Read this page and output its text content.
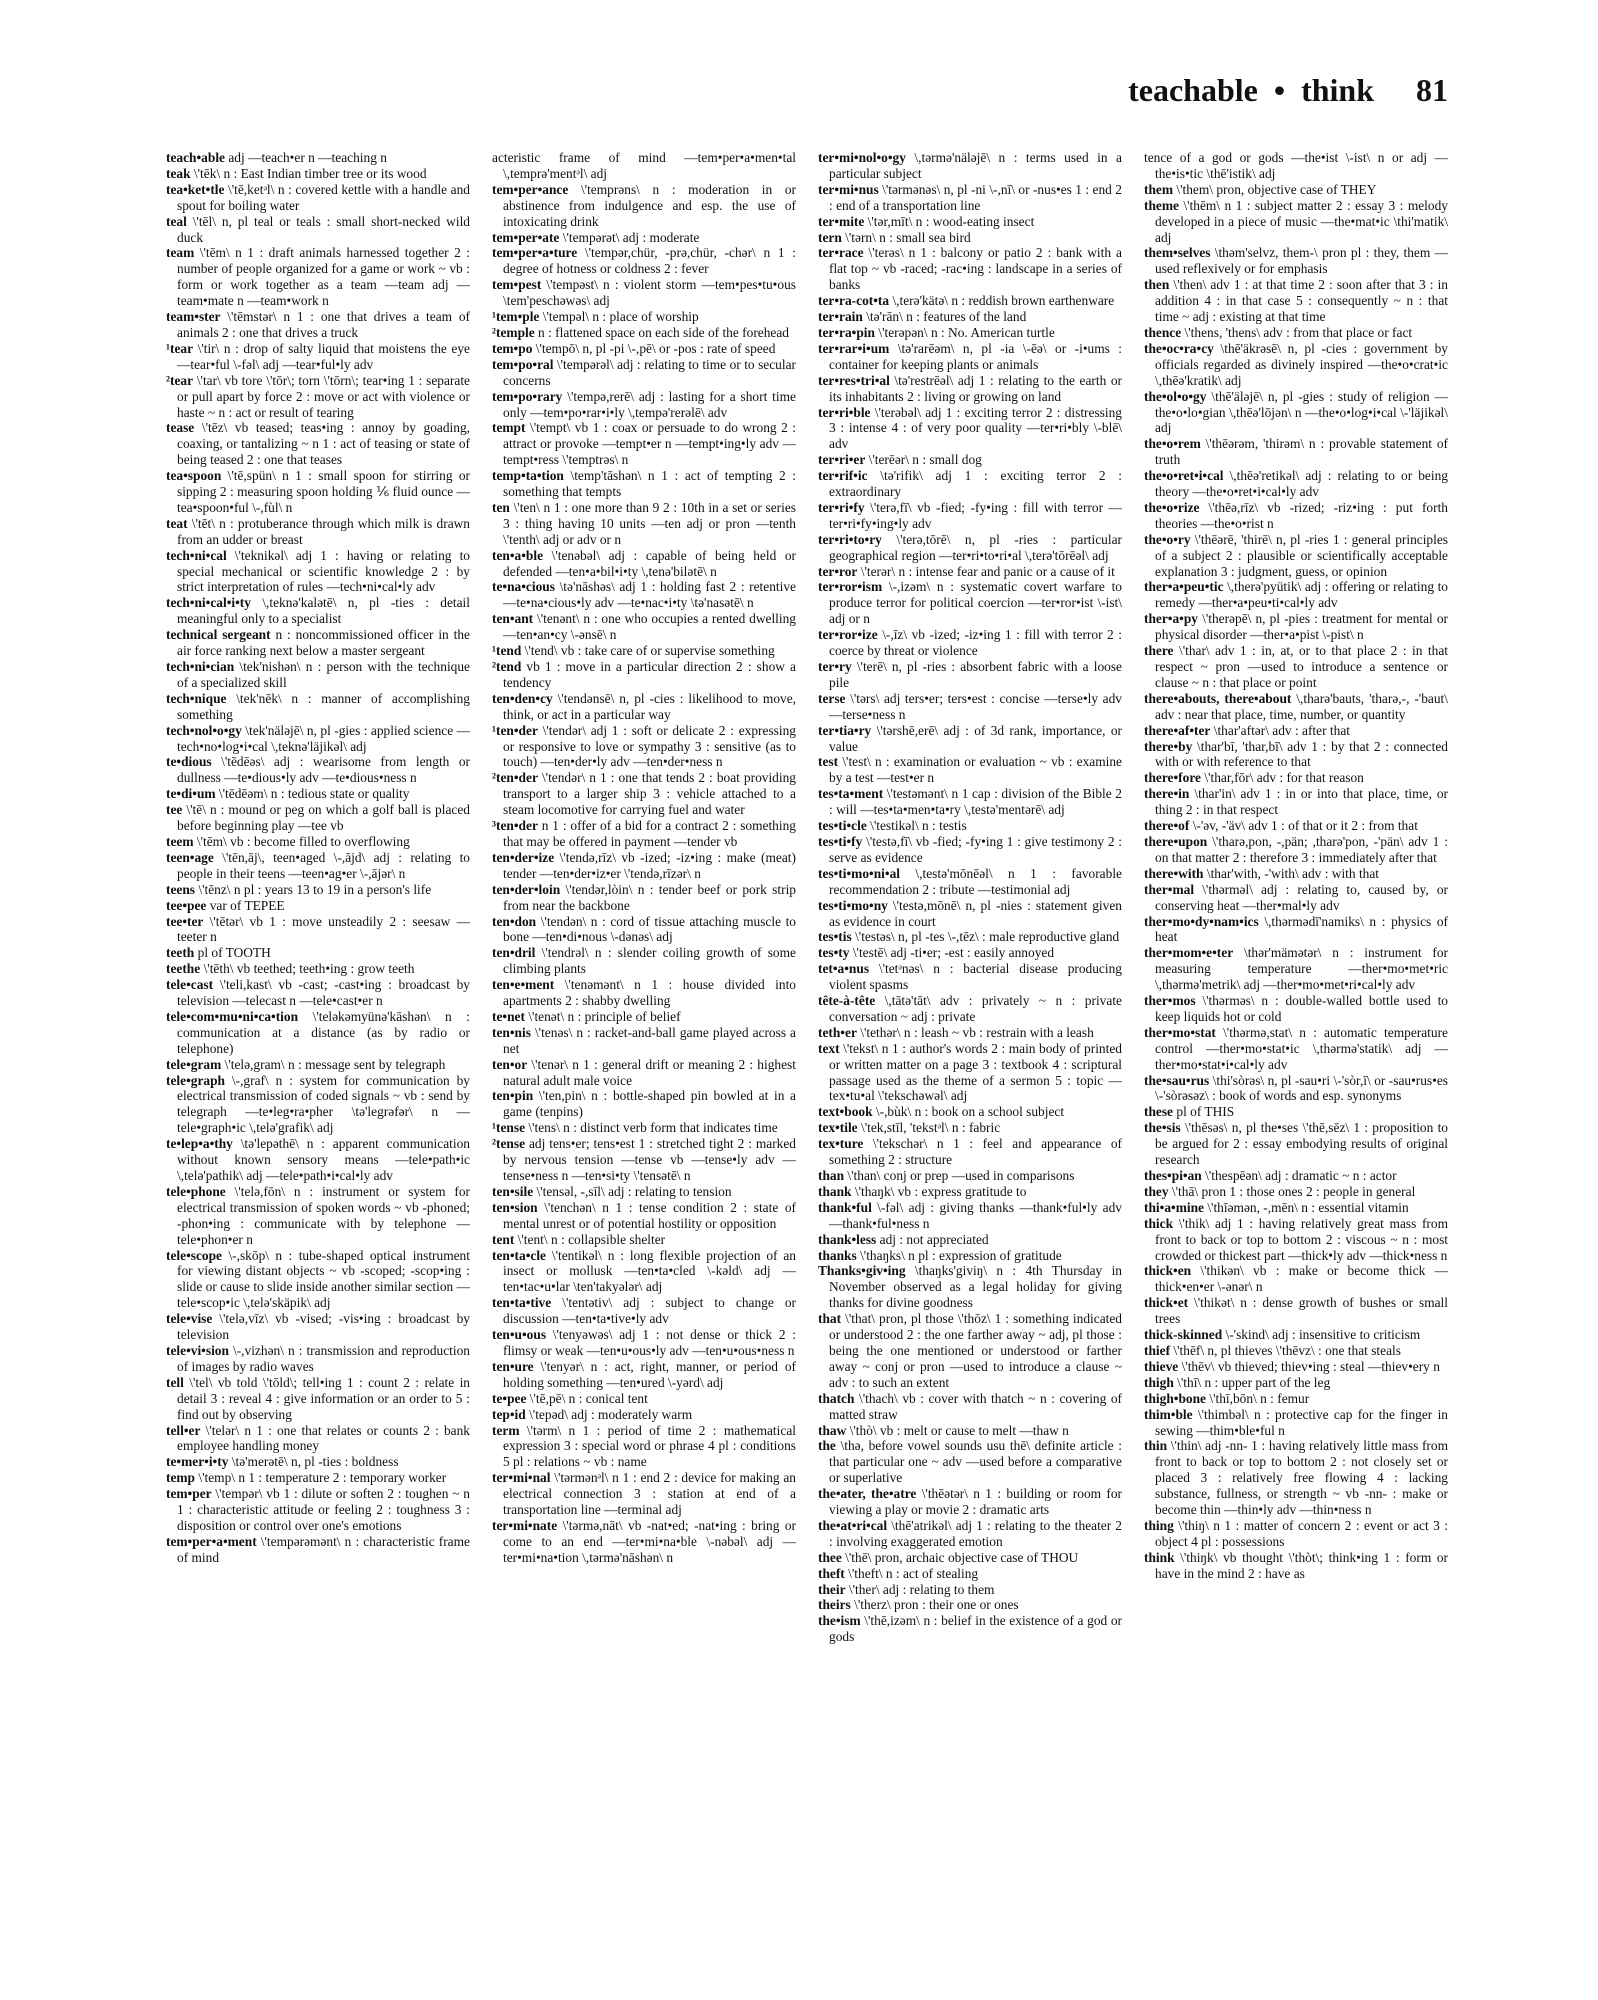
teachable • think 81

teach•able adj —teach•er n —teaching n

teak \'tēk\ n : East Indian timber tree or its wood

tea•ket•tle \'tē,ketᵊl\ n : covered kettle with a handle and spout for boiling water

teal \'tēl\ n, pl teal or teals : small short-necked wild duck

team \'tēm\ n 1 : draft animals harnessed together 2 : number of people organized for a game or work ~ vb : form or work together as a team —team adj —team•mate n —team•work n

team•ster \'tēmstər\ n 1 : one that drives a team of animals 2 : one that drives a truck

¹tear \'tir\ n : drop of salty liquid that moistens the eye —tear•ful \-fəl\ adj —tear•ful•ly adv

²tear \'tar\ vb tore \'tōr\; torn \'tōrn\; tear•ing 1 : separate or pull apart by force 2 : move or act with violence or haste ~ n : act or result of tearing

tease \'tēz\ vb teased; teas•ing : annoy by goading, coaxing, or tantalizing ~ n 1 : act of teasing or state of being teased 2 : one that teases

tea•spoon \'tē,spün\ n 1 : small spoon for stirring or sipping 2 : measuring spoon holding ⅙ fluid ounce —tea•spoon•ful \-,fùl\ n

teat \'tēt\ n : protuberance through which milk is drawn from an udder or breast

tech•ni•cal \'teknikəl\ adj 1 : having or relating to special mechanical or scientific knowledge 2 : by strict interpretation of rules —tech•ni•cal•ly adv

tech•ni•cal•i•ty \,teknə'kalətē\ n, pl -ties : detail meaningful only to a specialist

technical sergeant n : noncommissioned officer in the air force ranking next below a master sergeant

tech•ni•cian \tek'nishən\ n : person with the technique of a specialized skill

tech•nique \tek'nēk\ n : manner of accomplishing something

tech•nol•o•gy \tek'näləjē\ n, pl -gies : applied science —tech•no•log•i•cal \,teknə'läjikəl\ adj

te•dious \'tēdēəs\ adj : wearisome from length or dullness —te•dious•ly adv —te•dious•ness n

te•di•um \'tēdēəm\ n : tedious state or quality

tee \'tē\ n : mound or peg on which a golf ball is placed before beginning play —tee vb

teem \'tēm\ vb : become filled to overflowing

teen•age \'tēn,āj\, teen•aged \-,ājd\ adj : relating to people in their teens —teen•ag•er \-,ājər\ n

teens \'tēnz\ n pl : years 13 to 19 in a person's life

tee•pee var of TEPEE

tee•ter \'tētər\ vb 1 : move unsteadily 2 : seesaw —teeter n

teeth pl of TOOTH

teethe \'tēth\ vb teethed; teeth•ing : grow teeth

tele•cast \'teli,kast\ vb -cast; -cast•ing : broadcast by television —telecast n —tele•cast•er n

tele•com•mu•ni•ca•tion \'teləkəmyünə'kāshən\ n : communication at a distance (as by radio or telephone)

tele•gram \'telə,gram\ n : message sent by telegraph

tele•graph \-,graf\ n : system for communication by electrical transmission of coded signals ~ vb : send by telegraph —te•leg•ra•pher \tə'legrəfər\ n —tele•graph•ic \,telə'grafik\ adj

te•lep•a•thy \tə'lepəthē\ n : apparent communication without known sensory means —tele•path•ic \,telə'pathik\ adj —tele•path•i•cal•ly adv

tele•phone \'telə,fōn\ n : instrument or system for electrical transmission of spoken words ~ vb -phoned; -phon•ing : communicate with by telephone —tele•phon•er n

tele•scope \-,skōp\ n : tube-shaped optical instrument for viewing distant objects ~ vb -scoped; -scop•ing : slide or cause to slide inside another similar section —tele•scop•ic \,telə'skäpik\ adj

tele•vise \'telə,vīz\ vb -vised; -vis•ing : broadcast by television

tele•vi•sion \-,vizhən\ n : transmission and reproduction of images by radio waves

tell \'tel\ vb told \'tōld\; tell•ing 1 : count 2 : relate in detail 3 : reveal 4 : give information or an order to 5 : find out by observing

tell•er \'telər\ n 1 : one that relates or counts 2 : bank employee handling money

te•mer•i•ty \tə'merətē\ n, pl -ties : boldness

temp \'temp\ n 1 : temperature 2 : temporary worker

tem•per \'tempər\ vb 1 : dilute or soften 2 : toughen ~ n 1 : characteristic attitude or feeling 2 : toughness 3 : disposition or control over one's emotions

tem•per•a•ment \'tempərəmənt\ n : characteristic frame of mind

acteristic frame of mind —tem•per•a•men•tal \,temprə'mentᵊl\ adj

tem•per•ance \'temprəns\ n : moderation in or abstinence from indulgence and esp. the use of intoxicating drink

tem•per•ate \'tempərət\ adj : moderate

tem•per•a•ture \'tempər,chür, -prə,chür, -chər\ n 1 : degree of hotness or coldness 2 : fever

tem•pest \'tempəst\ n : violent storm —tem•pes•tu•ous \tem'peschəwəs\ adj

¹tem•ple \'tempəl\ n : place of worship

²temple n : flattened space on each side of the forehead

tem•po \'tempō\ n, pl -pi \-,pē\ or -pos : rate of speed

tem•po•ral \'tempərəl\ adj : relating to time or to secular concerns

tem•po•rary \'tempə,rerē\ adj : lasting for a short time only —tem•po•rar•i•ly \,tempə'rerəlē\ adv

tempt \'tempt\ vb 1 : coax or persuade to do wrong 2 : attract or provoke —tempt•er n —tempt•ing•ly adv —tempt•ress \'temptrəs\ n

temp•ta•tion \temp'tāshən\ n 1 : act of tempting 2 : something that tempts

ten \'ten\ n 1 : one more than 9 2 : 10th in a set or series 3 : thing having 10 units —ten adj or pron —tenth \'tenth\ adj or adv or n

ten•a•ble \'tenəbəl\ adj : capable of being held or defended —ten•a•bil•i•ty \,tenə'bilətē\ n

te•na•cious \tə'nāshəs\ adj 1 : holding fast 2 : retentive —te•na•cious•ly adv —te•nac•i•ty \tə'nasətē\ n

ten•ant \'tenənt\ n : one who occupies a rented dwelling —ten•an•cy \-ənsē\ n

¹tend \'tend\ vb : take care of or supervise something

²tend vb 1 : move in a particular direction 2 : show a tendency

ten•den•cy \'tendənsē\ n, pl -cies : likelihood to move, think, or act in a particular way

¹ten•der \'tendər\ adj 1 : soft or delicate 2 : expressing or responsive to love or sympathy 3 : sensitive (as to touch) —ten•der•ly adv —ten•der•ness n

²ten•der \'tendər\ n 1 : one that tends 2 : boat providing transport to a larger ship 3 : vehicle attached to a steam locomotive for carrying fuel and water

³ten•der n 1 : offer of a bid for a contract 2 : something that may be offered in payment —tender vb

ten•der•ize \'tendə,rīz\ vb -ized; -iz•ing : make (meat) tender —ten•der•iz•er \'tendə,rīzər\ n

ten•der•loin \'tendər,lòin\ n : tender beef or pork strip from near the backbone

ten•don \'tendən\ n : cord of tissue attaching muscle to bone —ten•di•nous \-dənəs\ adj

ten•dril \'tendrəl\ n : slender coiling growth of some climbing plants

ten•e•ment \'tenəmənt\ n 1 : house divided into apartments 2 : shabby dwelling

te•net \'tenət\ n : principle of belief

ten•nis \'tenəs\ n : racket-and-ball game played across a net

ten•or \'tenər\ n 1 : general drift or meaning 2 : highest natural adult male voice

ten•pin \'ten,pin\ n : bottle-shaped pin bowled at in a game (tenpins)

¹tense \'tens\ n : distinct verb form that indicates time

²tense adj tens•er; tens•est 1 : stretched tight 2 : marked by nervous tension —tense vb —tense•ly adv —tense•ness n —ten•si•ty \'tensətē\ n

ten•sile \'tensəl, -,sīl\ adj : relating to tension

ten•sion \'tenchən\ n 1 : tense condition 2 : state of mental unrest or of potential hostility or opposition

tent \'tent\ n : collapsible shelter

ten•ta•cle \'tentikəl\ n : long flexible projection of an insect or mollusk —ten•ta•cled \-kəld\ adj —ten•tac•u•lar \ten'takyələr\ adj

ten•ta•tive \'tentətiv\ adj : subject to change or discussion —ten•ta•tive•ly adv

ten•u•ous \'tenyəwəs\ adj 1 : not dense or thick 2 : flimsy or weak —ten•u•ous•ly adv —ten•u•ous•ness n

ten•ure \'tenyər\ n : act, right, manner, or period of holding something —ten•ured \-yərd\ adj

te•pee \'tē,pē\ n : conical tent

tep•id \'tepəd\ adj : moderately warm

term \'tərm\ n 1 : period of time 2 : mathematical expression 3 : special word or phrase 4 pl : conditions 5 pl : relations ~ vb : name

ter•mi•nal \'tərmənᵊl\ n 1 : end 2 : device for making an electrical connection 3 : station at end of a transportation line —terminal adj

ter•mi•nate \'tərmə,nāt\ vb -nat•ed; -nat•ing : bring or come to an end —ter•mi•na•ble \-nəbəl\ adj —ter•mi•na•tion \,tərmə'nāshən\ n

ter•mi•nol•o•gy \,tərmə'näləjē\ n : terms used in a particular subject

ter•mi•nus \'tərmənəs\ n, pl -ni \-,nī\ or -nus•es 1 : end 2 : end of a transportation line

ter•mite \'tər,mīt\ n : wood-eating insect

tern \'tərn\ n : small sea bird

ter•race \'terəs\ n 1 : balcony or patio 2 : bank with a flat top ~ vb -raced; -rac•ing : landscape in a series of banks

ter•ra-cot•ta \,terə'kätə\ n : reddish brown earthenware

ter•rain \tə'rān\ n : features of the land

ter•ra•pin \'terəpən\ n : No. American turtle

ter•rar•i•um \tə'rarēəm\ n, pl -ia \-ēə\ or -i•ums : container for keeping plants or animals

ter•res•tri•al \tə'restrēəl\ adj 1 : relating to the earth or its inhabitants 2 : living or growing on land

ter•ri•ble \'terəbəl\ adj 1 : exciting terror 2 : distressing 3 : intense 4 : of very poor quality —ter•ri•bly \-blē\ adv

ter•ri•er \'terēər\ n : small dog

ter•rif•ic \tə'rifik\ adj 1 : exciting terror 2 : extraordinary

ter•ri•fy \'terə,fī\ vb -fied; -fy•ing : fill with terror —ter•ri•fy•ing•ly adv

ter•ri•to•ry \'terə,tōrē\ n, pl -ries : particular geographical region —ter•ri•to•ri•al \,terə'tōrēəl\ adj

ter•ror \'terər\ n : intense fear and panic or a cause of it

ter•ror•ism \-,izəm\ n : systematic covert warfare to produce terror for political coercion —ter•ror•ist \-ist\ adj or n

ter•ror•ize \-,īz\ vb -ized; -iz•ing 1 : fill with terror 2 : coerce by threat or violence

ter•ry \'terē\ n, pl -ries : absorbent fabric with a loose pile

terse \'tərs\ adj ters•er; ters•est : concise —terse•ly adv —terse•ness n

ter•tia•ry \'tərshē,erē\ adj : of 3d rank, importance, or value

test \'test\ n : examination or evaluation ~ vb : examine by a test —test•er n

tes•ta•ment \'testəmənt\ n 1 cap : division of the Bible 2 : will —tes•ta•men•ta•ry \,testə'mentərē\ adj

tes•ti•cle \'testikəl\ n : testis

tes•ti•fy \'testə,fī\ vb -fied; -fy•ing 1 : give testimony 2 : serve as evidence

tes•ti•mo•ni•al \,testə'mōnēəl\ n 1 : favorable recommendation 2 : tribute —testimonial adj

tes•ti•mo•ny \'testə,mōnē\ n, pl -nies : statement given as evidence in court

tes•tis \'testəs\ n, pl -tes \-,tēz\ : male reproductive gland

tes•ty \'testē\ adj -ti•er; -est : easily annoyed

tet•a•nus \'tetᵊnəs\ n : bacterial disease producing violent spasms

tête-à-tête \,tātə'tāt\ adv : privately ~ n : private conversation ~ adj : private

teth•er \'tethər\ n : leash ~ vb : restrain with a leash

text \'tekst\ n 1 : author's words 2 : main body of printed or written matter on a page 3 : textbook 4 : scriptural passage used as the theme of a sermon 5 : topic —tex•tu•al \'tekschəwəl\ adj

text•book \-,bùk\ n : book on a school subject

tex•tile \'tek,stīl, 'tekstᵊl\ n : fabric

tex•ture \'tekschər\ n 1 : feel and appearance of something 2 : structure

than \'than\ conj or prep —used in comparisons

thank \'thaŋk\ vb : express gratitude to

thank•ful \-fəl\ adj : giving thanks —thank•ful•ly adv —thank•ful•ness n

thank•less adj : not appreciated

thanks \'thaŋks\ n pl : expression of gratitude

Thanks•giv•ing \thaŋks'giviŋ\ n : 4th Thursday in November observed as a legal holiday for giving thanks for divine goodness

that \'that\ pron, pl those \'thōz\ 1 : something indicated or understood 2 : the one farther away ~ adj, pl those : being the one mentioned or understood or farther away ~ conj or pron —used to introduce a clause ~ adv : to such an extent

thatch \'thach\ vb : cover with thatch ~ n : covering of matted straw

thaw \'thò\ vb : melt or cause to melt —thaw n

the \thə, before vowel sounds usu thē\ definite article : that particular one ~ adv —used before a comparative or superlative

the•ater, the•atre \'thēətər\ n 1 : building or room for viewing a play or movie 2 : dramatic arts

the•at•ri•cal \thē'atrikəl\ adj 1 : relating to the theater 2 : involving exaggerated emotion

thee \'thē\ pron, archaic objective case of THOU

theft \'theft\ n : act of stealing

their \'ther\ adj : relating to them

theirs \'therz\ pron : their one or ones

the•ism \'thē,izəm\ n : belief in the existence of a god or gods

tence of a god or gods —the•ist \-ist\ n or adj —the•is•tic \thē'istik\ adj

them \'them\ pron, objective case of THEY

theme \'thēm\ n 1 : subject matter 2 : essay 3 : melody developed in a piece of music —the•mat•ic \thi'matik\ adj

them•selves \thəm'selvz, them-\ pron pl : they, them —used reflexively or for emphasis

then \'then\ adv 1 : at that time 2 : soon after that 3 : in addition 4 : in that case 5 : consequently ~ n : that time ~ adj : existing at that time

thence \'thens, 'thens\ adv : from that place or fact

the•oc•ra•cy \thē'äkrəsē\ n, pl -cies : government by officials regarded as divinely inspired —the•o•crat•ic \,thēə'kratik\ adj

the•ol•o•gy \thē'äləjē\ n, pl -gies : study of religion —the•o•lo•gian \,thēə'lōjən\ n —the•o•log•i•cal \-'läjikəl\ adj

the•o•rem \'thēərəm, 'thirəm\ n : provable statement of truth

the•o•ret•i•cal \,thēə'retikəl\ adj : relating to or being theory —the•o•ret•i•cal•ly adv

the•o•rize \'thēə,rīz\ vb -rized; -riz•ing : put forth theories —the•o•rist n

the•o•ry \'thēərē, 'thirē\ n, pl -ries 1 : general principles of a subject 2 : plausible or scientifically acceptable explanation 3 : judgment, guess, or opinion

ther•a•peu•tic \,therə'pyütik\ adj : offering or relating to remedy —ther•a•peu•ti•cal•ly adv

ther•a•py \'therəpē\ n, pl -pies : treatment for mental or physical disorder —ther•a•pist \-pist\ n

there \'thar\ adv 1 : in, at, or to that place 2 : in that respect ~ pron —used to introduce a sentence or clause ~ n : that place or point

there•abouts, there•about \,tharə'bauts, 'tharə,-, -'baut\ adv : near that place, time, number, or quantity

there•af•ter \thar'aftər\ adv : after that

there•by \thar'bī, 'thar,bī\ adv 1 : by that 2 : connected with or with reference to that

there•fore \'thar,fōr\ adv : for that reason

there•in \thar'in\ adv 1 : in or into that place, time, or thing 2 : in that respect

there•of \-'əv, -'äv\ adv 1 : of that or it 2 : from that

there•upon \'tharə,pon, -,pän; ,tharə'pon, -'pän\ adv 1 : on that matter 2 : therefore 3 : immediately after that

there•with \thar'with, -'with\ adv : with that

ther•mal \'thərməl\ adj : relating to, caused by, or conserving heat —ther•mal•ly adv

ther•mo•dy•nam•ics \,thərmədī'namiks\ n : physics of heat

ther•mom•e•ter \thər'mämətər\ n : instrument for measuring temperature —ther•mo•met•ric \,thərmə'metrik\ adj —ther•mo•met•ri•cal•ly adv

ther•mos \'thərməs\ n : double-walled bottle used to keep liquids hot or cold

ther•mo•stat \'thərmə,stat\ n : automatic temperature control —ther•mo•stat•ic \,thərmə'statik\ adj —ther•mo•stat•i•cal•ly adv

the•sau•rus \thi'sòrəs\ n, pl -sau•ri \-'sòr,ī\ or -sau•rus•es \-'sòrəsəz\ : book of words and esp. synonyms

these pl of THIS

the•sis \'thēsəs\ n, pl the•ses \'thē,sēz\ 1 : proposition to be argued for 2 : essay embodying results of original research

thes•pi•an \'thespēən\ adj : dramatic ~ n : actor

they \'thā\ pron 1 : those ones 2 : people in general

thi•a•mine \'thīəmən, -,mēn\ n : essential vitamin

thick \'thik\ adj 1 : having relatively great mass from front to back or top to bottom 2 : viscous ~ n : most crowded or thickest part —thick•ly adv —thick•ness n

thick•en \'thikən\ vb : make or become thick —thick•en•er \-ənər\ n

thick•et \'thikət\ n : dense growth of bushes or small trees

thick-skinned \-'skind\ adj : insensitive to criticism

thief \'thēf\ n, pl thieves \'thēvz\ : one that steals

thieve \'thēv\ vb thieved; thiev•ing : steal —thiev•ery n

thigh \'thī\ n : upper part of the leg

thigh•bone \'thī,bōn\ n : femur

thim•ble \'thimbəl\ n : protective cap for the finger in sewing —thim•ble•ful n

thin \'thin\ adj -nn- 1 : having relatively little mass from front to back or top to bottom 2 : not closely set or placed 3 : relatively free flowing 4 : lacking substance, fullness, or strength ~ vb -nn- : make or become thin —thin•ly adv —thin•ness n

thing \'thiŋ\ n 1 : matter of concern 2 : event or act 3 : object 4 pl : possessions

think \'thiŋk\ vb thought \'thòt\; think•ing 1 : form or have in the mind 2 : have as
